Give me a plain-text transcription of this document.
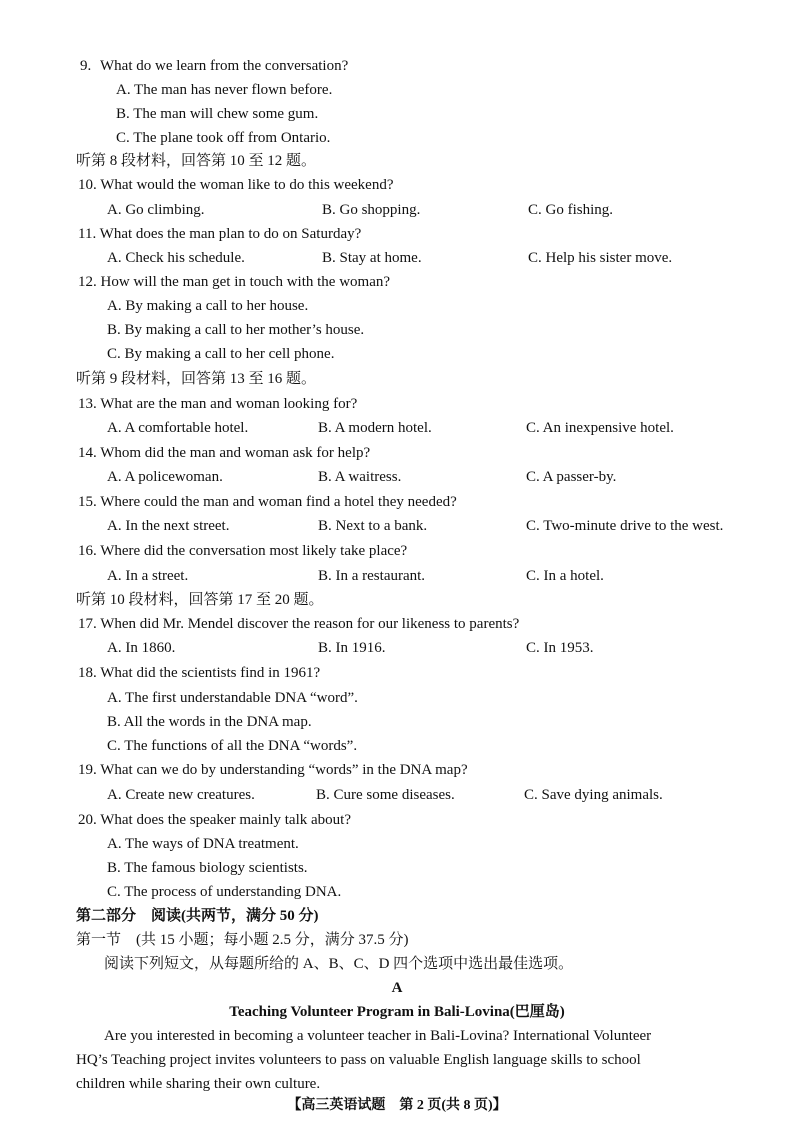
9. What do we learn from the conversation?
A. The man has never flown before.
B. The man will chew some gum.
C. The plane took off from Ontario.
听第 8 段材料，回答第 10 至 12 题。
10. What would the woman like to do this weekend?
A. Go climbing.	B. Go shopping.	C. Go fishing.
11. What does the man plan to do on Saturday?
A. Check his schedule.	B. Stay at home.	C. Help his sister move.
12. How will the man get in touch with the woman?
A. By making a call to her house.
B. By making a call to her mother’s house.
C. By making a call to her cell phone.
听第 9 段材料，回答第 13 至 16 题。
13. What are the man and woman looking for?
A. A comfortable hotel.	B. A modern hotel.	C. An inexpensive hotel.
14. Whom did the man and woman ask for help?
A. A policewoman.	B. A waitress.	C. A passer-by.
15. Where could the man and woman find a hotel they needed?
A. In the next street.	B. Next to a bank.	C. Two-minute drive to the west.
16. Where did the conversation most likely take place?
A. In a street.	B. In a restaurant.	C. In a hotel.
听第 10 段材料，回答第 17 至 20 题。
17. When did Mr. Mendel discover the reason for our likeness to parents?
A. In 1860.	B. In 1916.	C. In 1953.
18. What did the scientists find in 1961?
A. The first understandable DNA “word”.
B. All the words in the DNA map.
C. The functions of all the DNA “words”.
19. What can we do by understanding “words” in the DNA map?
A. Create new creatures.	B. Cure some diseases.	C. Save dying animals.
20. What does the speaker mainly talk about?
A. The ways of DNA treatment.
B. The famous biology scientists.
C. The process of understanding DNA.
第二部分　阅读(共两节，满分 50 分)
第一节　(共 15 小题；每小题 2.5 分，满分 37.5 分)
阅读下列短文，从每题所给的 A、B、C、D 四个选项中选出最佳选项。
A
Teaching Volunteer Program in Bali-Lovina(巴厘岛)
Are you interested in becoming a volunteer teacher in Bali-Lovina? International Volunteer
HQ’s Teaching project invites volunteers to pass on valuable English language skills to school
children while sharing their own culture.
【高三英语试题　第 2 页(共 8 页)】
